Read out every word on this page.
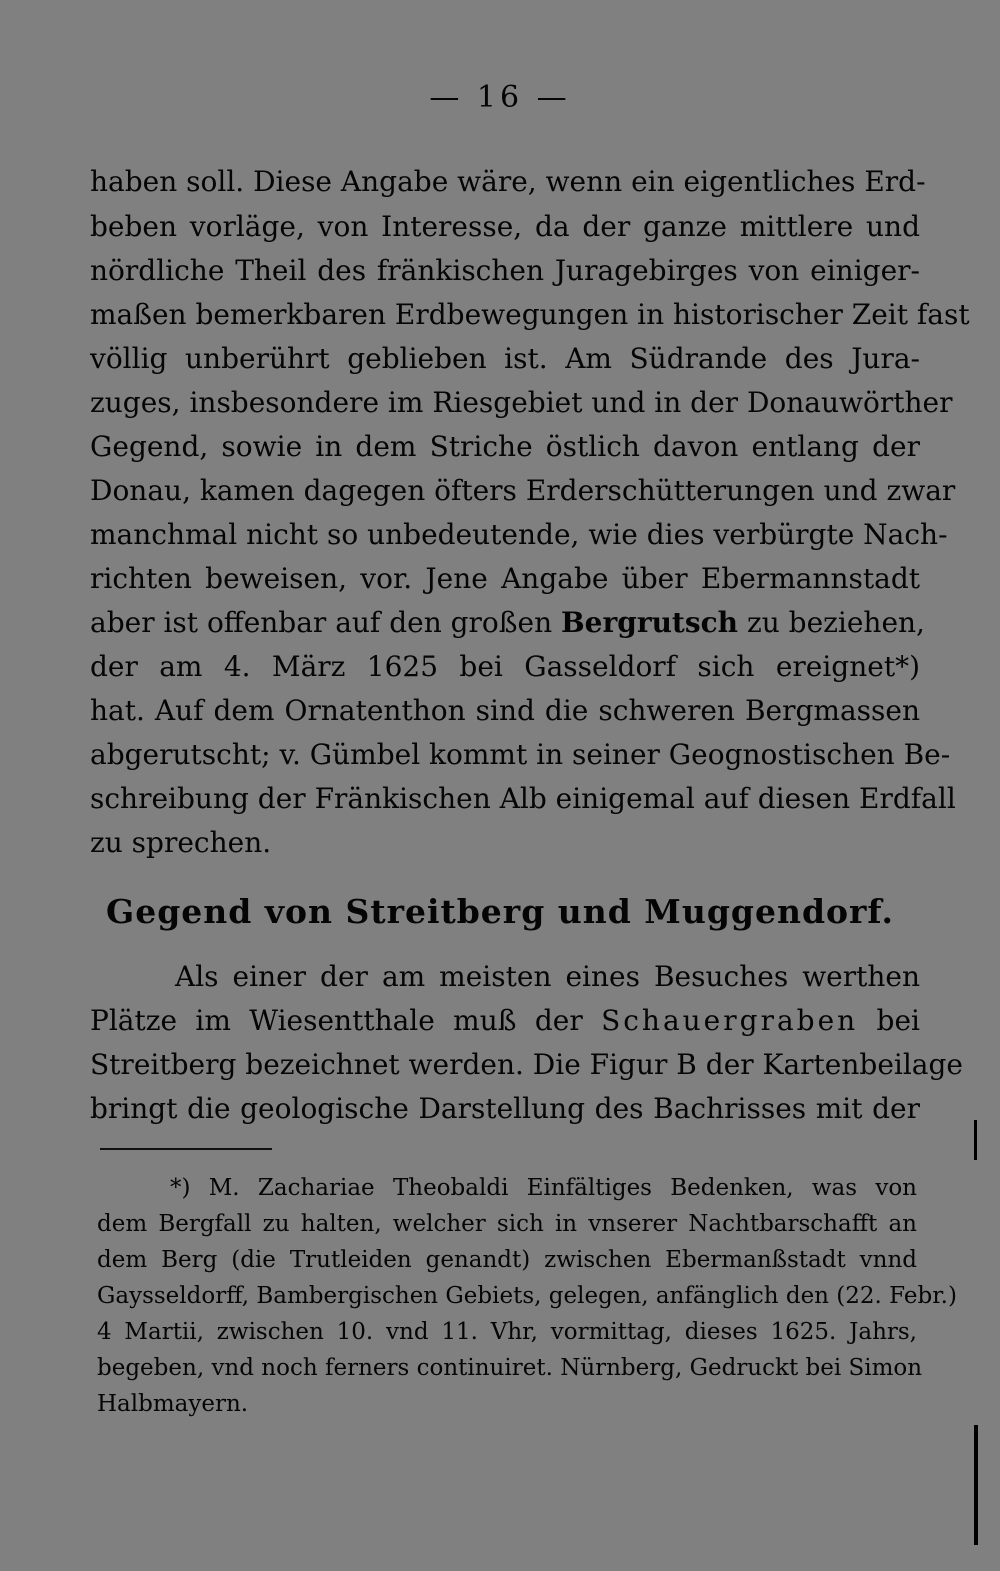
— 16 —
haben soll. Diese Angabe wäre, wenn ein eigentliches Erd-
beben vorläge, von Interesse, da der ganze mittlere und
nördliche Theil des fränkischen Juragebirges von einiger-
maßen bemerkbaren Erdbewegungen in historischer Zeit fast
völlig unberührt geblieben ist. Am Südrande des Jura-
zuges, insbesondere im Riesgebiet und in der Donauwörther
Gegend, sowie in dem Striche östlich davon entlang der
Donau, kamen dagegen öfters Erderschütterungen und zwar
manchmal nicht so unbedeutende, wie dies verbürgte Nach-
richten beweisen, vor. Jene Angabe über Ebermannstadt
aber ist offenbar auf den großen Bergrutsch zu beziehen,
der am 4. März 1625 bei Gasseldorf sich ereignet*)
hat. Auf dem Ornatenthon sind die schweren Bergmassen
abgerutscht; v. Gümbel kommt in seiner Geognostischen Be-
schreibung der Fränkischen Alb einigemal auf diesen Erdfall
zu sprechen.
Gegend von Streitberg und Muggendorf.
Als einer der am meisten eines Besuches werthen
Plätze im Wiesentthale muß der Schauergraben bei
Streitberg bezeichnet werden. Die Figur B der Kartenbeilage
bringt die geologische Darstellung des Bachrisses mit der
*) M. Zachariae Theobaldi Einfältiges Bedenken, was von
dem Bergfall zu halten, welcher sich in vnserer Nachtbarschafft an
dem Berg (die Trutleiden genandt) zwischen Ebermanßstadt vnnd
Gaysseldorff, Bambergischen Gebiets, gelegen, anfänglich den (22. Febr.)
4 Martii, zwischen 10. vnd 11. Vhr, vormittag, dieses 1625. Jahrs,
begeben, vnd noch ferners continuiret. Nürnberg, Gedruckt bei Simon
Halbmayern.
